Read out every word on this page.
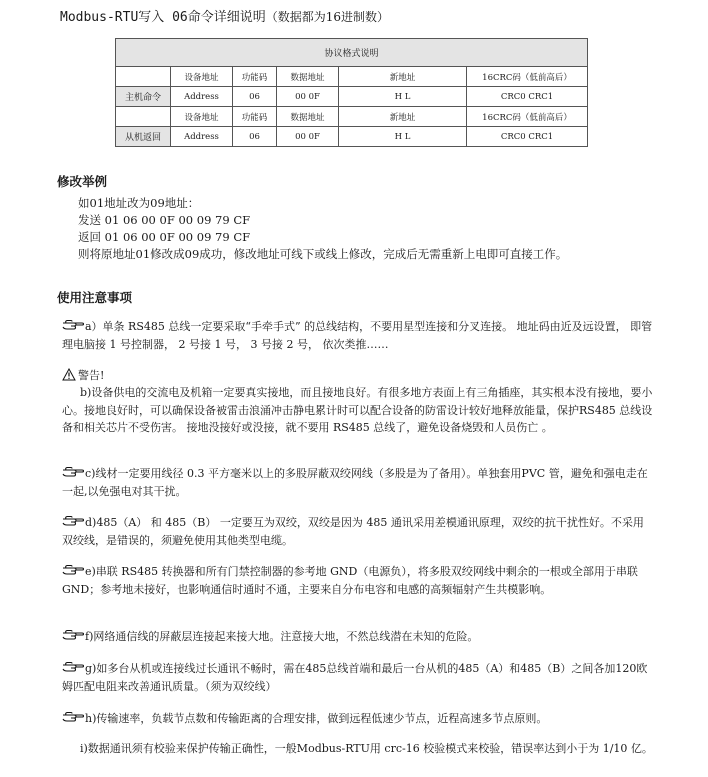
Modbus-RTU写入 06命令详细说明（数据都为16进制数）
协议格式说明					
	设备地址	功能码	数据地址	新地址	16CRC码（低前高后）
主机命令	Address	06	00 0F	H L	CRC0 CRC1
	设备地址	功能码	数据地址	新地址	16CRC码（低前高后）
从机返回	Address	06	00 0F	H L	CRC0 CRC1
修改举例
如01地址改为09地址：
发送 01 06 00 0F 00 09 79 CF
返回 01 06 00 0F 00 09 79 CF
则将原地址01修改成09成功，修改地址可线下或线上修改，完成后无需重新上电即可直接工作。
使用注意事项
a）单条 RS485 总线一定要采取“手牵手式” 的总线结构，不要用星型连接和分叉连接。 地址码由近及远设置， 即管理电脑接 1 号控制器， 2 号接 1 号， 3 号接 2 号， 依次类推……
警告!
b)设备供电的交流电及机箱一定要真实接地，而且接地良好。有很多地方表面上有三角插座，其实根本没有接地，要小心。接地良好时，可以确保设备被雷击浪涌冲击静电累计时可以配合设备的防雷设计较好地释放能量，保护RS485 总线设备和相关芯片不受伤害。 接地没接好或没接，就不要用 RS485 总线了，避免设备烧毁和人员伤亡 。
c)线材一定要用线径 0.3 平方毫米以上的多股屏蔽双绞网线（多股是为了备用）。单独套用PVC 管，避免和强电走在一起,以免强电对其干扰。
d)485（A） 和 485（B） 一定要互为双绞，双绞是因为 485 通讯采用差模通讯原理，双绞的抗干扰性好。不采用双绞线，是错误的，须避免使用其他类型电缆。
e)串联 RS485 转换器和所有门禁控制器的参考地 GND（电源负），将多股双绞网线中剩余的一根或全部用于串联 GND；参考地未接好，也影响通信时通时不通，主要来自分布电容和电感的高频辐射产生共模影响。
f)网络通信线的屏蔽层连接起来接大地。注意接大地，不然总线潜在未知的危险。
g)如多台从机或连接线过长通讯不畅时，需在485总线首端和最后一台从机的485（A）和485（B）之间各加120欧姆匹配电阻来改善通讯质量。（须为双绞线）
h)传输速率，负载节点数和传输距离的合理安排，做到远程低速少节点，近程高速多节点原则。
i)数据通讯须有校验来保护传输正确性，一般Modbus-RTU用 crc-16 校验模式来校验，错误率达到小于为 1/10 亿。
